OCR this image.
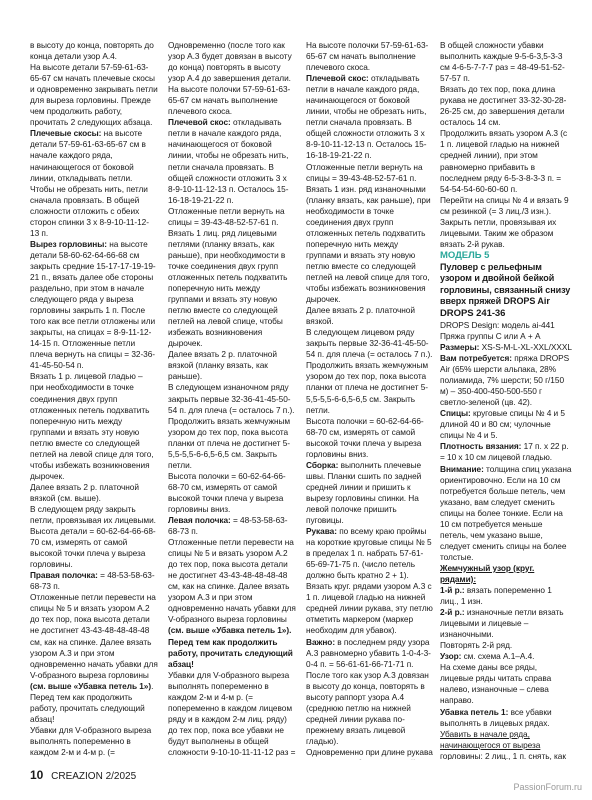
в высоту до конца, повторять до конца детали узор А.4.

На высоте детали 57-59-61-63-65-67 см начать плечевые скосы и одновременно закрывать петли для выреза горловины. Прежде чем продолжить работу, прочитать 2 следующих абзаца.

Плечевые скосы: на высоте детали 57-59-61-63-65-67 см в начале каждого ряда, начинающегося от боковой линии, откладывать петли. Чтобы не обрезать нить, петли сначала провязать. В общей сложности отложить с обеих сторон спинки 3 х 8-9-10-11-12-13 п.

Вырез горловины: на высоте детали 58-60-62-64-66-68 см закрыть средние 15-17-17-19-19-21 п., вязать далее обе стороны раздельно, при этом в начале следующего ряда у выреза горловины закрыть 1 п. После того как все петли отложены или закрыты, на спицах = 8-9-11-12-14-15 п. Отложенные петли плеча вернуть на спицы = 32-36-41-45-50-54 п.

Вязать 1 р. лицевой гладью – при необходимости в точке соединения двух групп отложенных петель подхватить поперечную нить между группами и вязать эту новую петлю вместе со следующей петлей на левой спице для того, чтобы избежать возникновения дырочек.

Далее вязать 2 р. платочной вязкой (см. выше).

В следующем ряду закрыть петли, провязывая их лицевыми.

Высота детали = 60-62-64-66-68-70 см, измерять от самой высокой точки плеча у выреза горловины.

Правая полочка: = 48-53-58-63-68-73 п.

Отложенные петли перевести на спицы № 5 и вязать узором А.2 до тех пор, пока высота детали не достигнет 43-43-48-48-48-48 см, как на спинке. Далее вязать узором А.3 и при этом одновременно начать убавки для V-образного выреза горловины (см. выше «Убавка петель 1»). Перед тем как продолжить работу, прочитать следующий абзац!

Убавки для V-образного выреза выполнять попеременно в каждом 2-м и 4-м р. (=

Одновременно (после того как узор А.3 будет довязан в высоту до конца) повторять в высоту узор А.4 до завершения детали.

На высоте полочки 57-59-61-63-65-67 см начать выполнение плечевого скоса.

Плечевой скос: откладывать петли в начале каждого ряда, начинающегося от боковой линии, чтобы не обрезать нить, петли сначала провязать. В общей сложности отложить 3 х 8-9-10-11-12-13 п. Осталось 15-16-18-19-21-22 п.

Отложенные петли вернуть на спицы = 39-43-48-52-57-61 п. Вязать 1 лиц. ряд лицевыми петлями (планку вязать, как раньше), при необходимости в точке соединения двух групп отложенных петель подхватить поперечную нить между группами и вязать эту новую петлю вместе со следующей петлей на левой спице, чтобы избежать возникновения дырочек.

Далее вязать 2 р. платочной вязкой (планку вязать, как раньше).

В следующем изнаночном ряду закрыть первые 32-36-41-45-50-54 п. для плеча (= осталось 7 п.).

Продолжить вязать жемчужным узором до тех пор, пока высота планки от плеча не достигнет 5-5,5-5,5-6-6,5-6,5 см. Закрыть петли.

Высота полочки = 60-62-64-66-68-70 см, измерять от самой высокой точки плеча у выреза горловины вниз.

Левая полочка: = 48-53-58-63-68-73 п.

Отложенные петли перевести на спицы № 5 и вязать узором А.2 до тех пор, пока высота детали не достигнет 43-43-48-48-48-48 см, как на спинке. Далее вязать узором А.3 и при этом одновременно начать убавки для V-образного выреза горловины (см. выше «Убавка петель 1»). Перед тем как продолжить работу, прочитать следующий абзац!

Убавки для V-образного выреза выполнять попеременно в каждом 2-м и 4-м р. (= попеременно в каждом лицевом ряду и в каждом 2-м лиц. ряду) до тех пор, пока все убавки не будут выполнены в общей сложности 9-10-10-11-11-12 раз =

На высоте полочки 57-59-61-63-65-67 см начать выполнение плечевого скоса.

Плечевой скос: откладывать петли в начале каждого ряда, начинающегося от боковой линии, чтобы не обрезать нить, петли сначала провязать. В общей сложности отложить 3 х 8-9-10-11-12-13 п. Осталось 15-16-18-19-21-22 п.

Отложенные петли вернуть на спицы = 39-43-48-52-57-61 п. Вязать 1 изн. ряд изнаночными (планку вязать, как раньше), при необходимости в точке соединения двух групп отложенных петель подхватить поперечную нить между группами и вязать эту новую петлю вместе со следующей петлей на левой спице для того, чтобы избежать возникновения дырочек.

Далее вязать 2 р. платочной вязкой.

В следующем лицевом ряду закрыть первые 32-36-41-45-50-54 п. для плеча (= осталось 7 п.).

Продолжить вязать жемчужным узором до тех пор, пока высота планки от плеча не достигнет 5-5,5-5,5-6-6,5-6,5 см. Закрыть петли.

Высота полочки = 60-62-64-66-68-70 см, измерять от самой высокой точки плеча у выреза горловины вниз.

Сборка: выполнить плечевые швы. Планки сшить по задней средней линии и пришить к вырезу горловины спинки. На левой полочке пришить пуговицы.

Рукава: по всему краю проймы на короткие круговые спицы № 5 в пределах 1 п. набрать 57-61-65-69-71-75 п. (число петель должно быть кратно 2 + 1).

Вязать круг. рядами узором А.3 с 1 п. лицевой гладью на нижней средней линии рукава, эту петлю отметить маркером (маркер необходим для убавок).

Важно: в последнем ряду узора А.3 равномерно убавить 1-0-4-3-0-4 п. = 56-61-61-66-71-71 п.

После того как узор А.3 довязан в высоту до конца, повторять в высоту раппорт узора А.4 (среднюю петлю на нижней средней линии рукава по-прежнему вязать лицевой гладью).

Одновременно при длине рукава

В общей сложности убавки выполнить каждые 9-5-6-3,5-3-3 см 4-6-5-7-7-7 раз = 48-49-51-52-57-57 п.

Вязать до тех пор, пока длина рукава не достигнет 33-32-30-28-26-25 см, до завершения детали осталось 14 см.

Продолжить вязать узором А.3 (с 1 п. лицевой гладью на нижней средней линии), при этом равномерно прибавить в последнем ряду 6-5-3-8-3-3 п. = 54-54-54-60-60-60 п.

Перейти на спицы № 4 и вязать 9 см резинкой (= 3 лиц./3 изн.). Закрыть петли, провязывая их лицевыми. Таким же образом вязать 2-й рукав.

МОДЕЛЬ 5

Пуловер с рельефным узором и двойной бейкой горловины, связанный снизу вверх пряжей DROPS Air

DROPS 241-36

DROPS Design: модель ai-441 Пряжа группы С или А + А

Размеры: XS-S-M-L-XL-XXL/XXXL

Вам потребуется: пряжа DROPS Air (65% шерсти альпака, 28% полиамида, 7% шерсти; 50 г/150 м) – 350-400-450-500-550 г светло-зеленой (цв. 42).

Спицы: круговые спицы № 4 и 5 длиной 40 и 80 см; чулочные спицы № 4 и 5.

Плотность вязания: 17 п. х 22 р. = 10 х 10 см лицевой гладью.

Внимание: толщина спиц указана ориентировочно. Если на 10 см потребуется больше петель, чем указано, вам следует сменить спицы на более тонкие. Если на 10 см потребуется меньше петель, чем указано выше, следует сменить спицы на более толстые.

Жемчужный узор (круг. рядами):

1-й р.: вязать попеременно 1 лиц., 1 изн.

2-й р.: изнаночные петли вязать лицевыми и лицевые – изнаночными.

Повторять 2-й ряд.

Узор: см. схема А.1–А.4.

На схеме даны все ряды, лицевые ряды читать справа налево, изнаночные – слева направо.

Убавка петель 1: все убавки выполнять в лицевых рядах. Убавить в начале ряда, начинающегося от выреза горловины: 2 лиц., 1 п. снять, как

10 CREAZION 2/2025
PassionForum.ru
